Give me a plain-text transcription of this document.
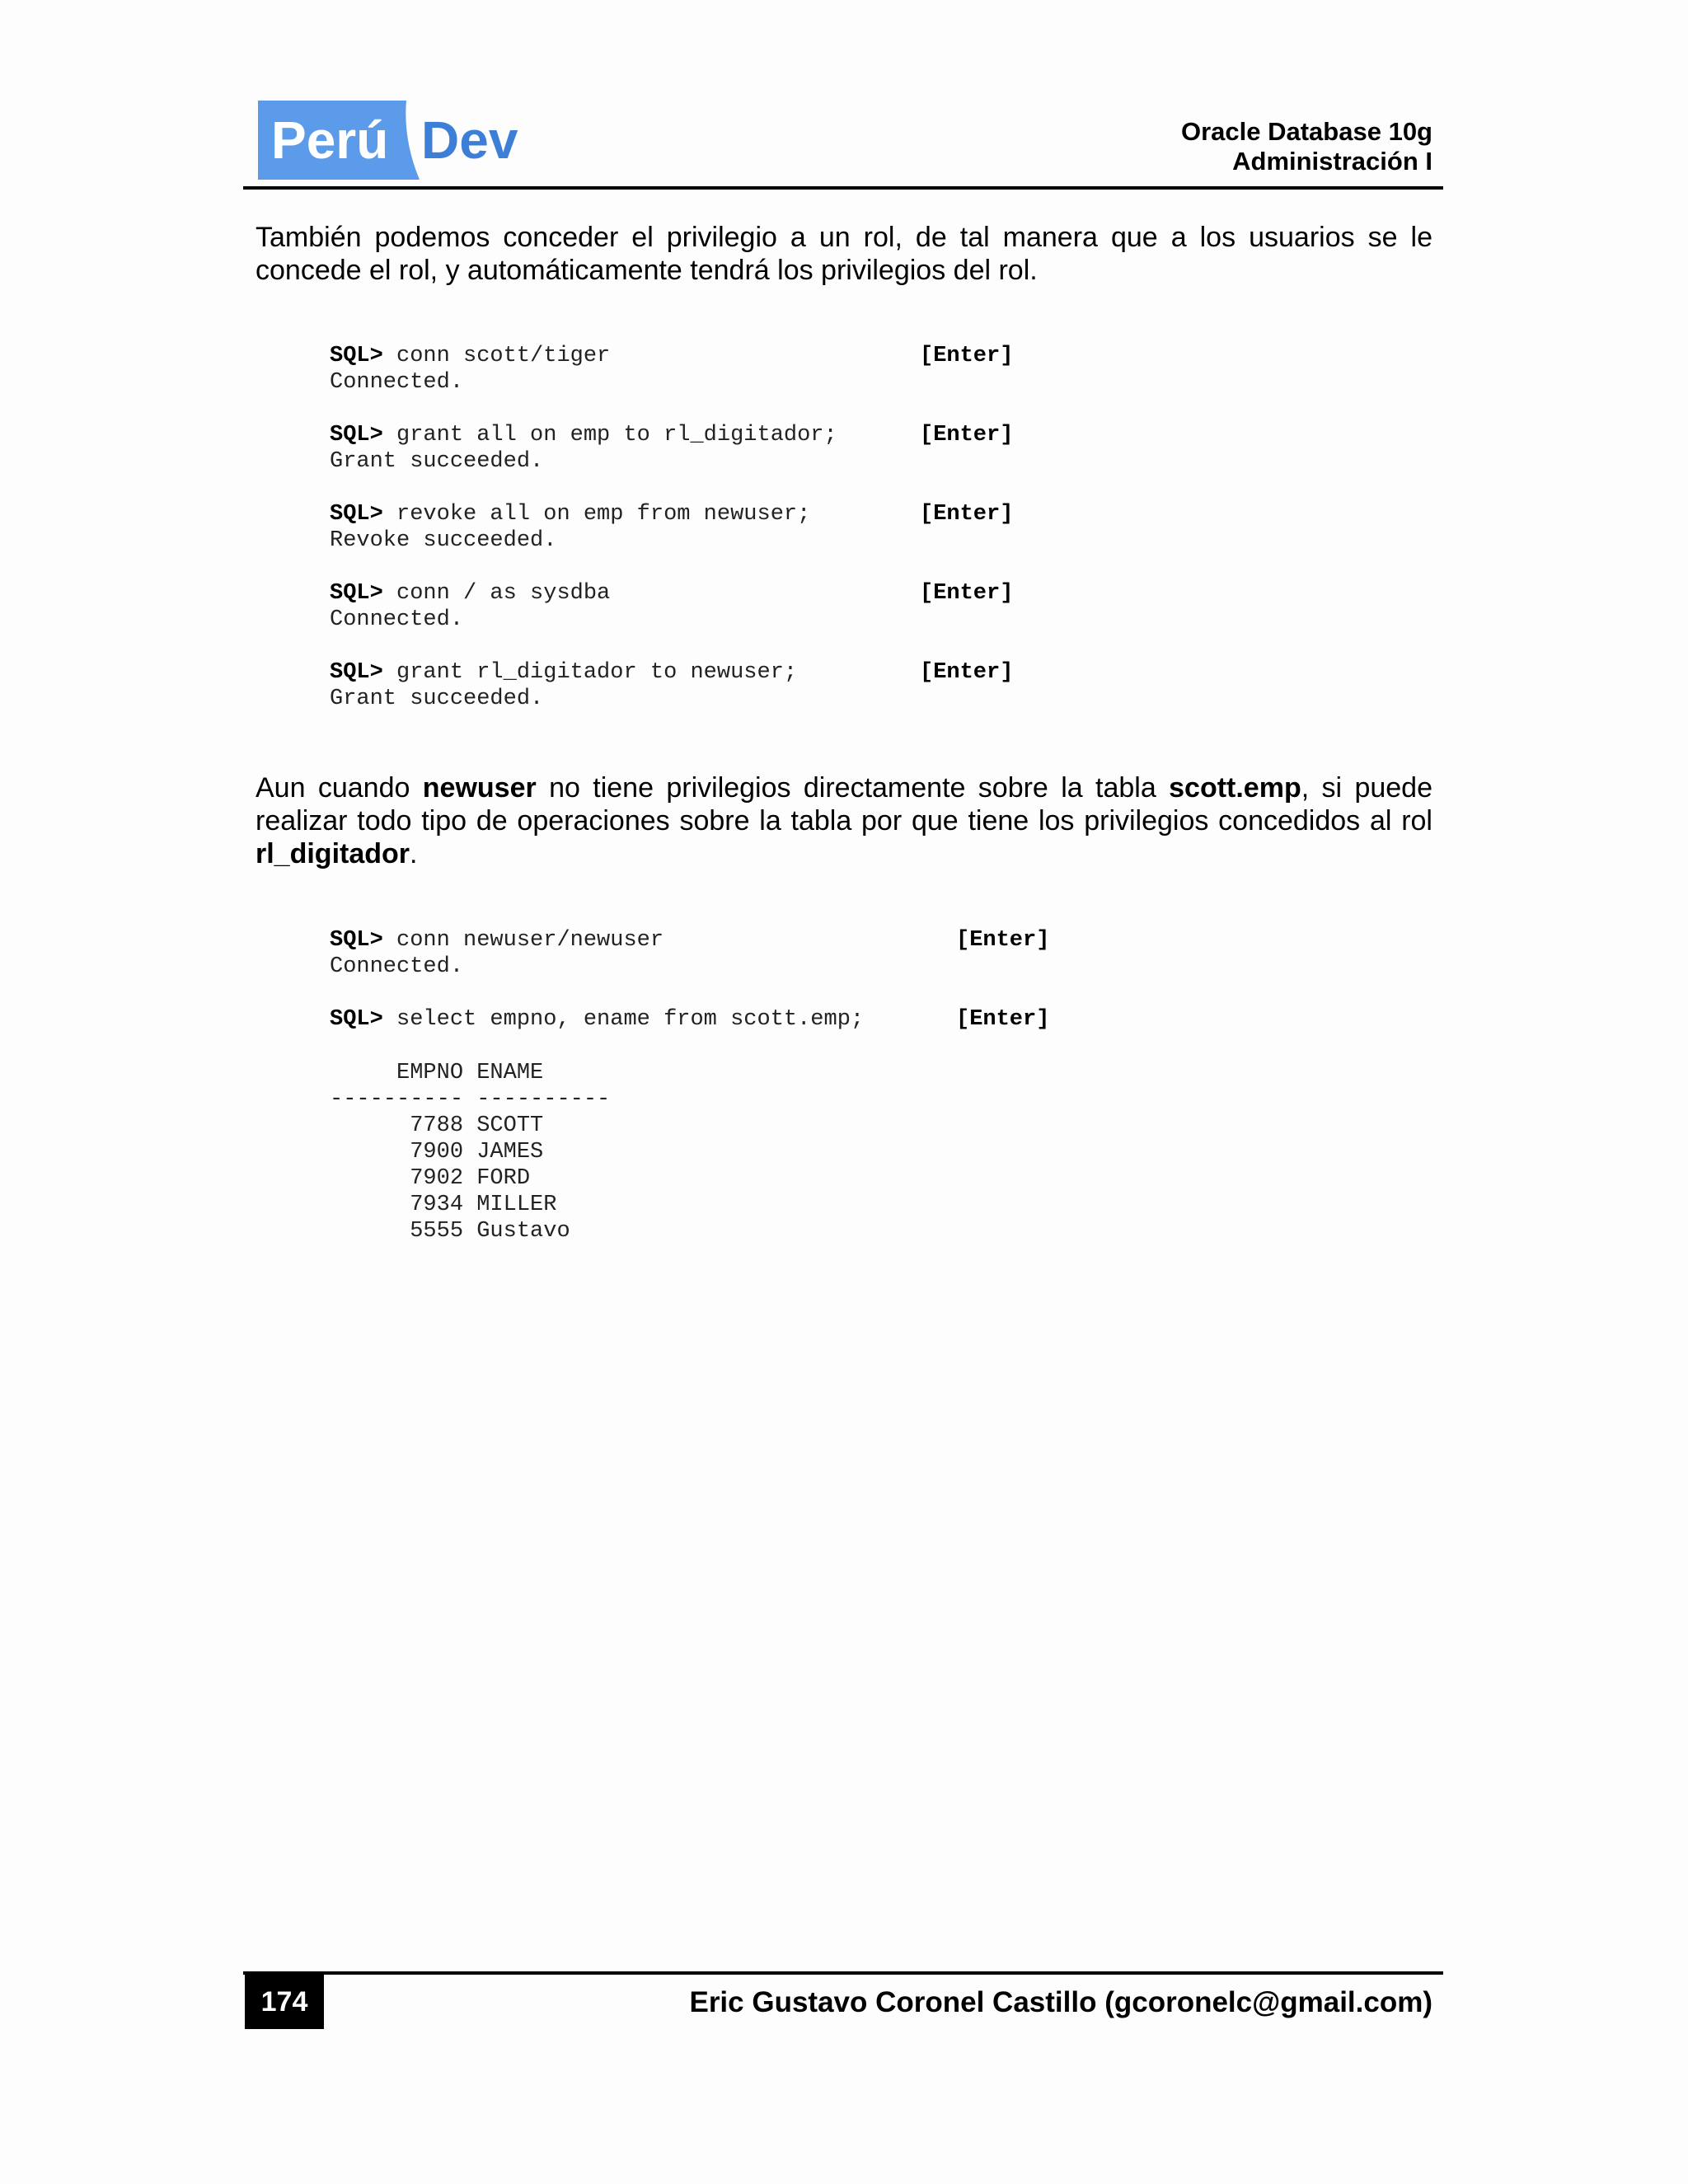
Perú Dev	Oracle Database 10g
Administración I
También podemos conceder el privilegio a un rol, de tal manera que a los usuarios se le concede el rol, y automáticamente tendrá los privilegios del rol.

SQL> conn scott/tiger

	[Enter]

Connected.

SQL> grant all on emp to rl_digitador;

	[Enter]

Grant succeeded.

SQL> revoke all on emp from newuser;

	[Enter]

Revoke succeeded.

SQL> conn / as sysdba

	[Enter]

Connected.

SQL> grant rl_digitador to newuser;

	[Enter]

Grant succeeded.

Aun cuando newuser no tiene privilegios directamente sobre la tabla scott.emp, si puede realizar todo tipo de operaciones sobre la tabla por que tiene los privilegios concedidos al rol rl_digitador.

SQL> conn newuser/newuser

	[Enter]

Connected.

SQL> select empno, ename from scott.emp;

	[Enter]

EMPNO ENAME
---------- ----------
7788 SCOTT
7900 JAMES
7902 FORD
7934 MILLER
5555 Gustavo
174	Eric Gustavo Coronel Castillo (gcoronelc@gmail.com)
